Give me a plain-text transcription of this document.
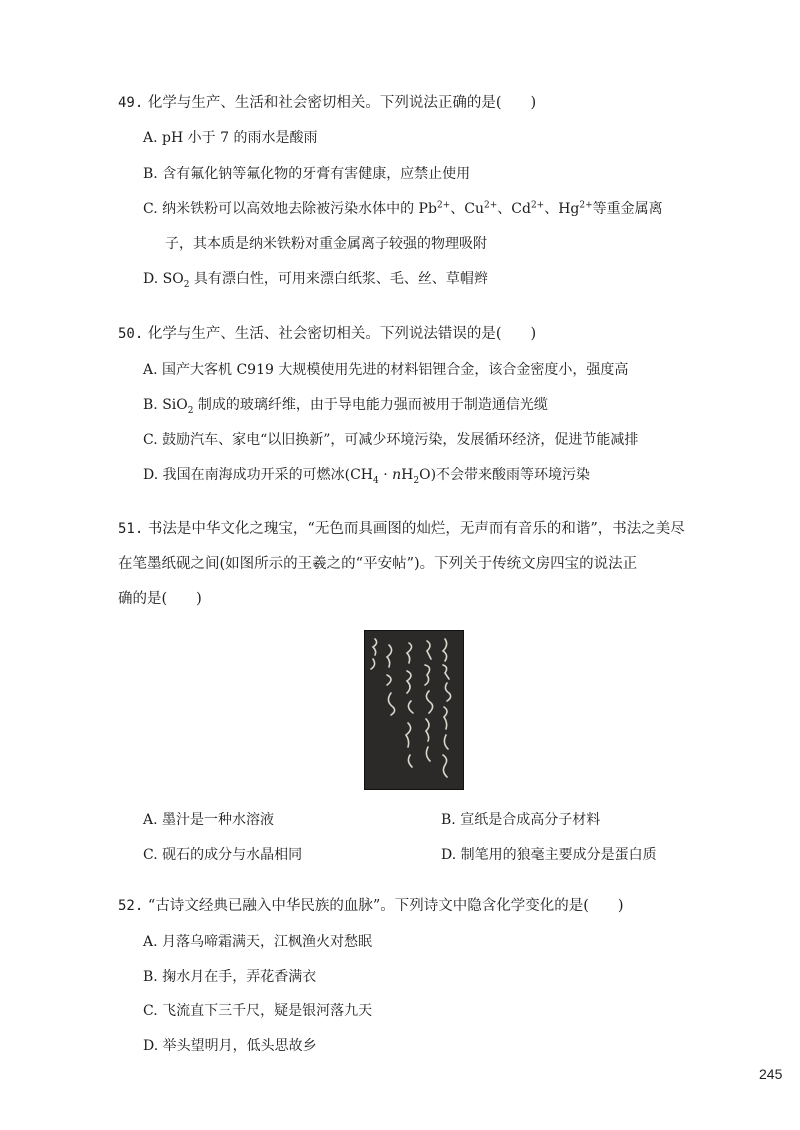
49. 化学与生产、生活和社会密切相关。下列说法正确的是(　　)
A. pH 小于 7 的雨水是酸雨
B. 含有氟化钠等氟化物的牙膏有害健康，应禁止使用
C. 纳米铁粉可以高效地去除被污染水体中的 $Pb^{2+}$、$Cu^{2+}$、$Cd^{2+}$、$Hg^{2+}$等重金属离
子，其本质是纳米铁粉对重金属离子较强的物理吸附
D. $SO_2$ 具有漂白性，可用来漂白纸浆、毛、丝、草帽辫
50. 化学与生产、生活、社会密切相关。下列说法错误的是(　　)
A. 国产大客机 C919 大规模使用先进的材料铝锂合金，该合金密度小，强度高
B. SiO$_2$ 制成的玻璃纤维，由于导电能力强而被用于制造通信光缆
C. 鼓励汽车、家电“以旧换新”，可减少环境污染，发展循环经济，促进节能减排
D. 我国在南海成功开采的可燃冰$(CH_4 \cdot nH_2O)$不会带来酸雨等环境污染
51. 书法是中华文化之瑰宝，“无色而具画图的灿烂，无声而有音乐的和谐”，书法之美尽
在笔墨纸砚之间(如图所示的王羲之的“平安帖”)。下列关于传统文房四宝的说法正
确的是(　　)
A. 墨汁是一种水溶液	B. 宣纸是合成高分子材料
C. 砚石的成分与水晶相同	D. 制笔用的狼毫主要成分是蛋白质
52. “古诗文经典已融入中华民族的血脉”。下列诗文中隐含化学变化的是(　　)
A. 月落乌啼霜满天，江枫渔火对愁眠
B. 掬水月在手，弄花香满衣
C. 飞流直下三千尺，疑是银河落九天
D. 举头望明月，低头思故乡
245
